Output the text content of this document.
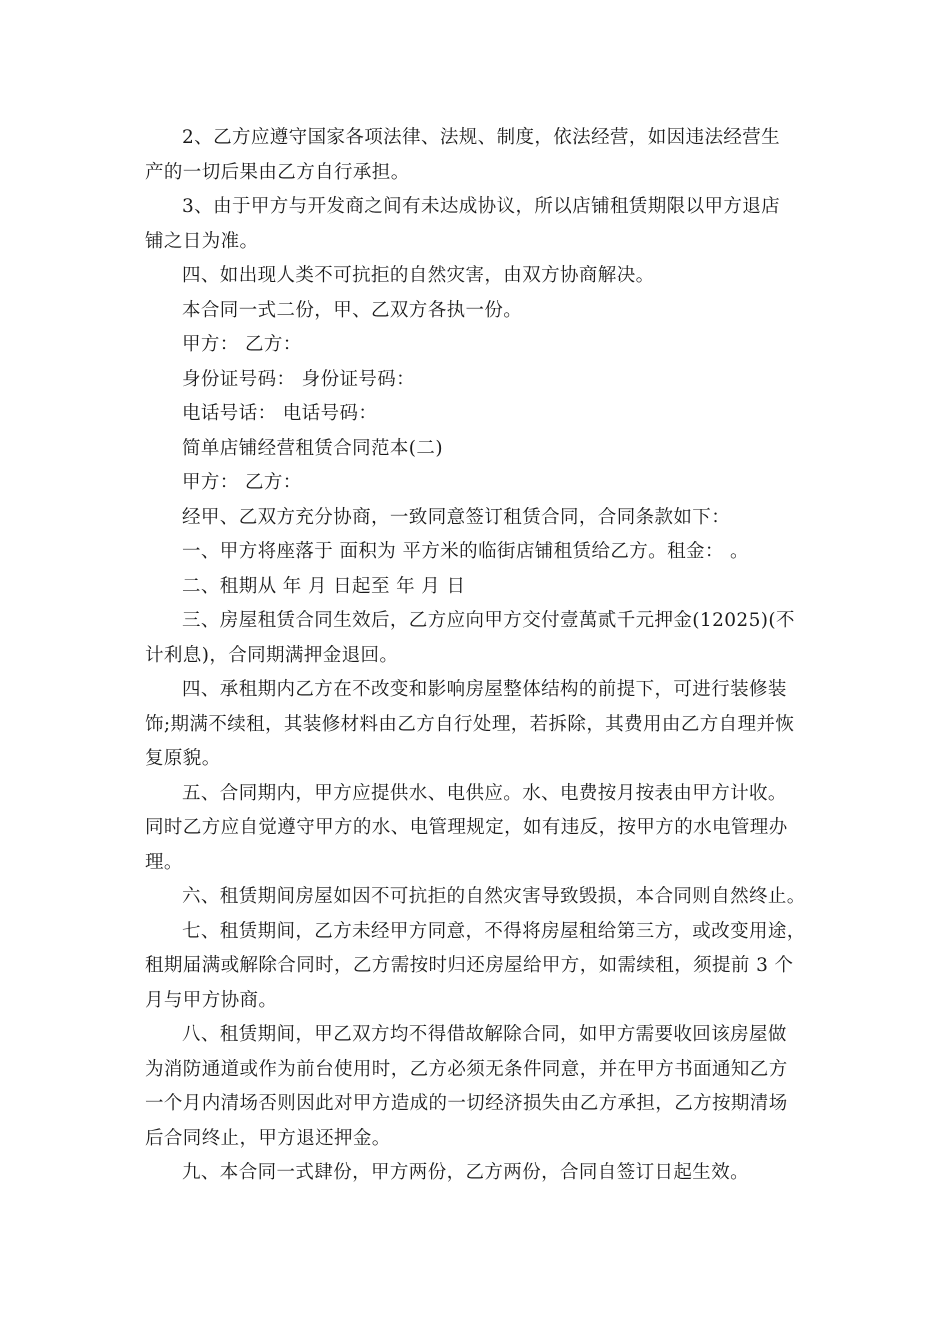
2、乙方应遵守国家各项法律、法规、制度，依法经营，如因违法经营生
产的一切后果由乙方自行承担。

3、由于甲方与开发商之间有未达成协议，所以店铺租赁期限以甲方退店
铺之日为准。

四、如出现人类不可抗拒的自然灾害，由双方协商解决。

本合同一式二份，甲、乙双方各执一份。

甲方： 乙方：

身份证号码： 身份证号码：

电话号话： 电话号码：

简单店铺经营租赁合同范本(二)

甲方： 乙方：

经甲、乙双方充分协商，一致同意签订租赁合同，合同条款如下：

一、甲方将座落于 面积为 平方米的临街店铺租赁给乙方。租金： 。

二、租期从 年 月 日起至 年 月 日

三、房屋租赁合同生效后，乙方应向甲方交付壹萬贰千元押金(12025)(不
计利息)，合同期满押金退回。

四、承租期内乙方在不改变和影响房屋整体结构的前提下，可进行装修装
饰;期满不续租，其装修材料由乙方自行处理，若拆除，其费用由乙方自理并恢
复原貌。

五、合同期内，甲方应提供水、电供应。水、电费按月按表由甲方计收。
同时乙方应自觉遵守甲方的水、电管理规定，如有违反，按甲方的水电管理办
理。

六、租赁期间房屋如因不可抗拒的自然灾害导致毁损，本合同则自然终止。

七、租赁期间，乙方未经甲方同意，不得将房屋租给第三方，或改变用途，
租期届满或解除合同时，乙方需按时归还房屋给甲方，如需续租，须提前 3 个
月与甲方协商。

八、租赁期间，甲乙双方均不得借故解除合同，如甲方需要收回该房屋做
为消防通道或作为前台使用时，乙方必须无条件同意，并在甲方书面通知乙方
一个月内清场否则因此对甲方造成的一切经济损失由乙方承担，乙方按期清场
后合同终止，甲方退还押金。

九、本合同一式肆份，甲方两份，乙方两份，合同自签订日起生效。
